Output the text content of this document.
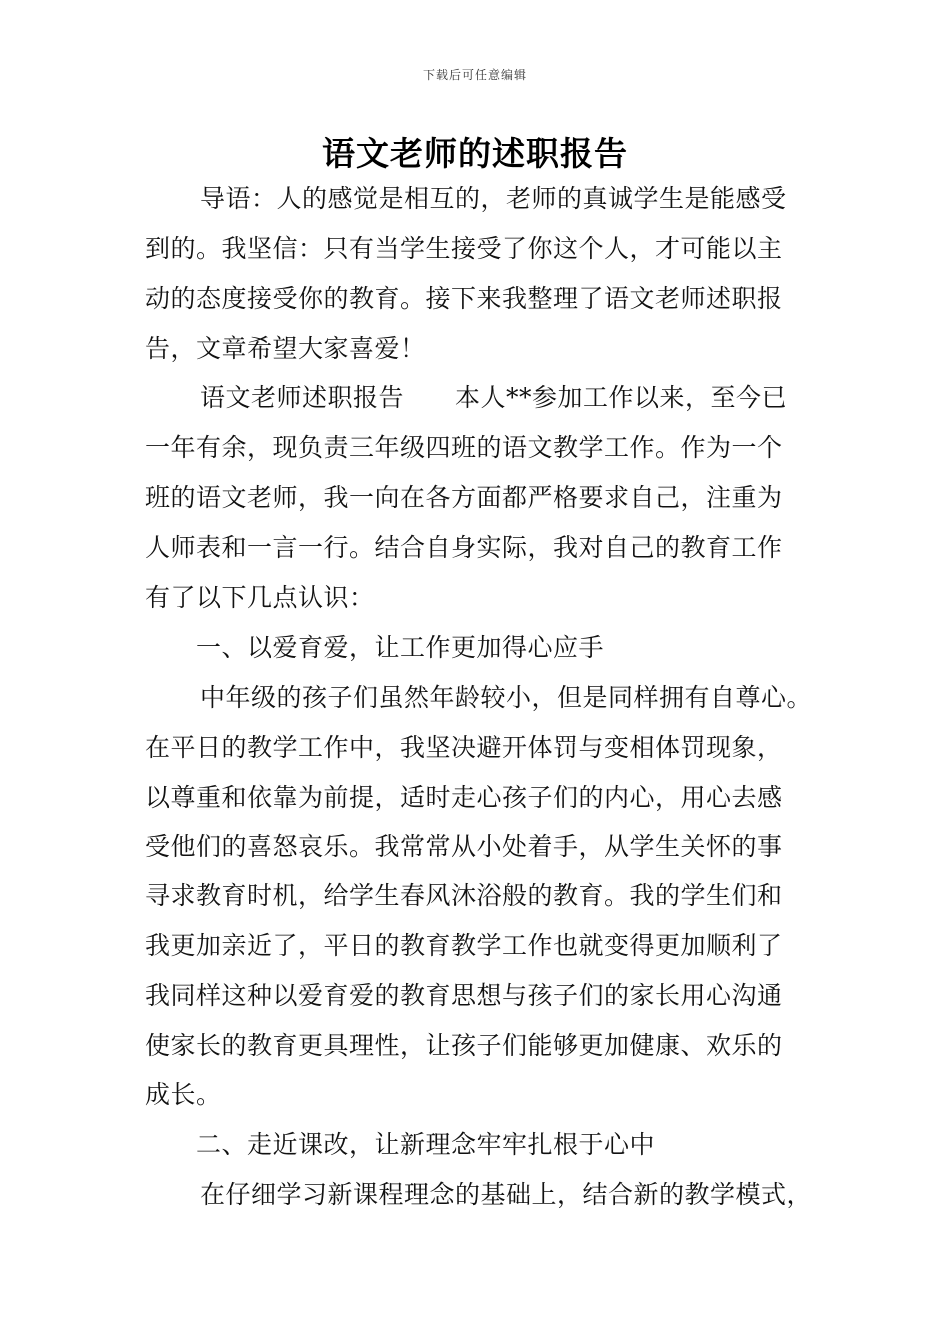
下载后可任意编辑
语文老师的述职报告
导语：人的感觉是相互的，老师的真诚学生是能感受
到的。我坚信：只有当学生接受了你这个人，才可能以主
动的态度接受你的教育。接下来我整理了语文老师述职报
告，文章希望大家喜爱！
语文老师述职报告　　本人**参加工作以来，至今已
一年有余，现负责三年级四班的语文教学工作。作为一个
班的语文老师，我一向在各方面都严格要求自己，注重为
人师表和一言一行。结合自身实际，我对自己的教育工作
有了以下几点认识：
一、以爱育爱，让工作更加得心应手
中年级的孩子们虽然年龄较小，但是同样拥有自尊心。
在平日的教学工作中，我坚决避开体罚与变相体罚现象，
以尊重和依靠为前提，适时走心孩子们的内心，用心去感
受他们的喜怒哀乐。我常常从小处着手，从学生关怀的事
寻求教育时机，给学生春风沐浴般的教育。我的学生们和
我更加亲近了，平日的教育教学工作也就变得更加顺利了
我同样这种以爱育爱的教育思想与孩子们的家长用心沟通
使家长的教育更具理性，让孩子们能够更加健康、欢乐的
成长。
二、走近课改，让新理念牢牢扎根于心中
在仔细学习新课程理念的基础上，结合新的教学模式，
